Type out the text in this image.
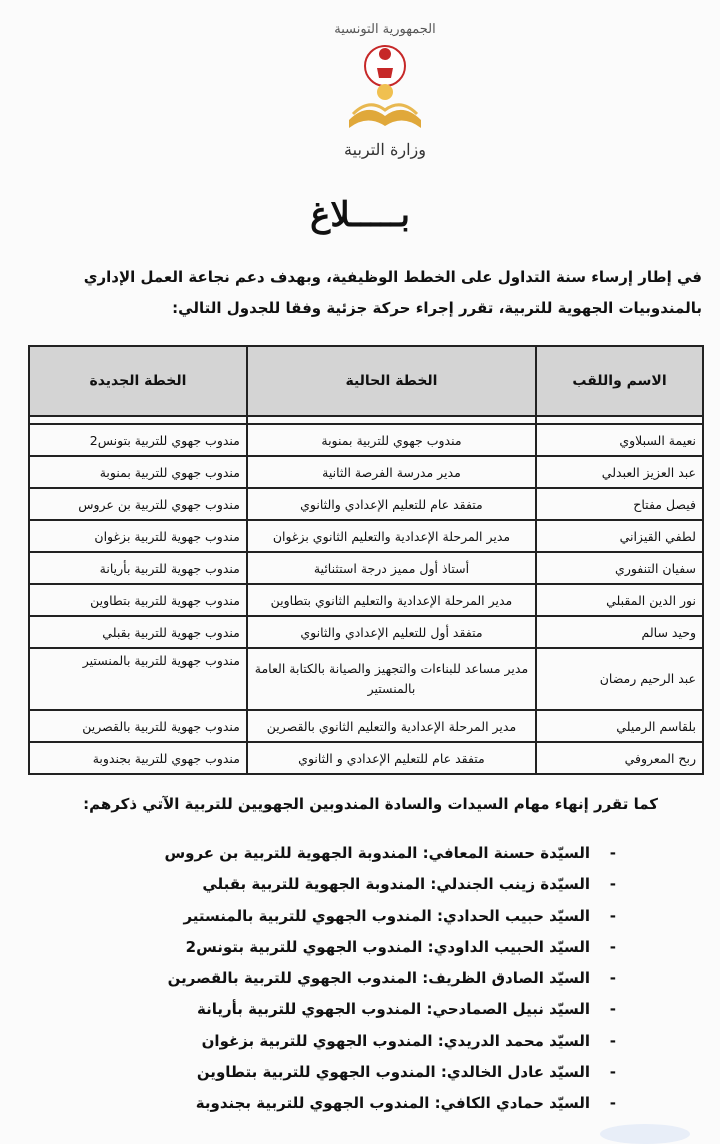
الجمهورية التونسية
وزارة التربية
بـــــلاغ
في إطار إرساء سنة التداول على الخطط الوظيفية، وبهدف دعم نجاعة العمل الإداري بالمندوبيات الجهوية للتربية، تقرر إجراء حركة جزئية وفقا للجدول التالي:
الاسم واللقب	الخطة الحالية	الخطة الجديدة

نعيمة السبلاوي	مندوب جهوي للتربية بمنوبة	مندوب جهوي للتربية بتونس2
عبد العزيز العبدلي	مدير مدرسة الفرصة الثانية	مندوب جهوي للتربية بمنوبة
فيصل مفتاح	متفقد عام للتعليم الإعدادي والثانوي	مندوب جهوي للتربية بن عروس
لطفي القيزاني	مدير المرحلة الإعدادية والتعليم الثانوي بزغوان	مندوب جهوية للتربية بزغوان
سفيان التنفوري	أستاذ أول مميز درجة استثنائية	مندوب جهوية للتربية بأريانة
نور الدين المقبلي	مدير المرحلة الإعدادية والتعليم الثانوي بتطاوين	مندوب جهوية للتربية بتطاوين
وحيد سالم	متفقد أول للتعليم الإعدادي والثانوي	مندوب جهوية للتربية بقبلي
عبد الرحيم رمضان	مدير مساعد للبناءات والتجهيز والصيانة بالكتابة العامة بالمنستير	مندوب جهوية للتربية بالمنستير
بلقاسم الرميلي	مدير المرحلة الإعدادية والتعليم الثانوي بالقصرين	مندوب جهوية للتربية بالقصرين
ربح المعروفي	متفقد عام للتعليم الإعدادي و الثانوي	مندوب جهوي للتربية بجندوبة
كما تقرر إنهاء مهام السيدات والسادة المندوبين الجهويين للتربية الآتي ذكرهم:
-
السيّدة حسنة المعافي: المندوبة الجهوية للتربية بن عروس
-
السيّدة زينب الجندلي: المندوبة الجهوية للتربية بقبلي
-
السيّد حبيب الحدادي: المندوب الجهوي للتربية بالمنستير
-
السيّد الحبيب الداودي: المندوب الجهوي للتربية بتونس2
-
السيّد الصادق الظريف: المندوب الجهوي للتربية بالقصرين
-
السيّد نبيل الصمادحي: المندوب الجهوي للتربية بأريانة
-
السيّد محمد الدريدي: المندوب الجهوي للتربية بزغوان
-
السيّد عادل الخالدي: المندوب الجهوي للتربية بتطاوين
-
السيّد حمادي الكافي: المندوب الجهوي للتربية بجندوبة
